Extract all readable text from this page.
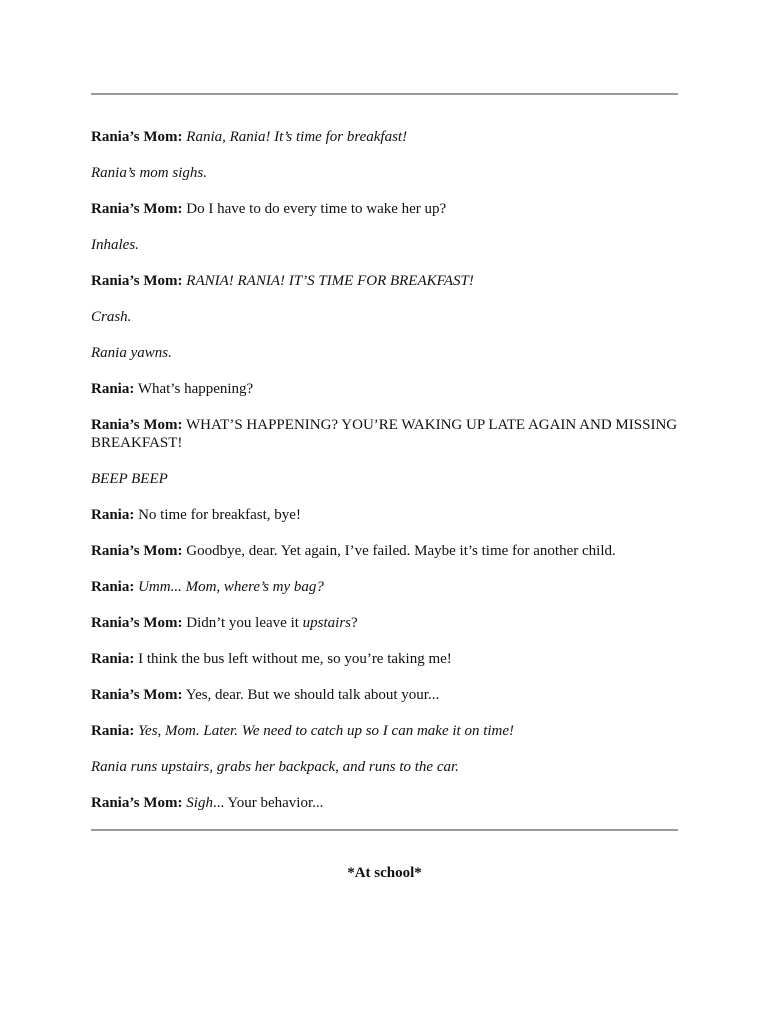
Rania’s Mom: Rania, Rania! It’s time for breakfast!

Rania’s mom sighs.

Rania’s Mom: Do I have to do every time to wake her up?

Inhales.

Rania’s Mom: RANIA! RANIA! IT’S TIME FOR BREAKFAST!

Crash.

Rania yawns.

Rania: What’s happening?

Rania’s Mom: WHAT’S HAPPENING? YOU’RE WAKING UP LATE AGAIN AND MISSING BREAKFAST!

BEEP BEEP

Rania: No time for breakfast, bye!

Rania’s Mom: Goodbye, dear. Yet again, I’ve failed. Maybe it’s time for another child.

Rania: Umm... Mom, where’s my bag?

Rania’s Mom: Didn’t you leave it upstairs?

Rania: I think the bus left without me, so you’re taking me!

Rania’s Mom: Yes, dear. But we should talk about your...

Rania: Yes, Mom. Later. We need to catch up so I can make it on time!

Rania runs upstairs, grabs her backpack, and runs to the car.

Rania’s Mom: Sigh... Your behavior...

*At school*
